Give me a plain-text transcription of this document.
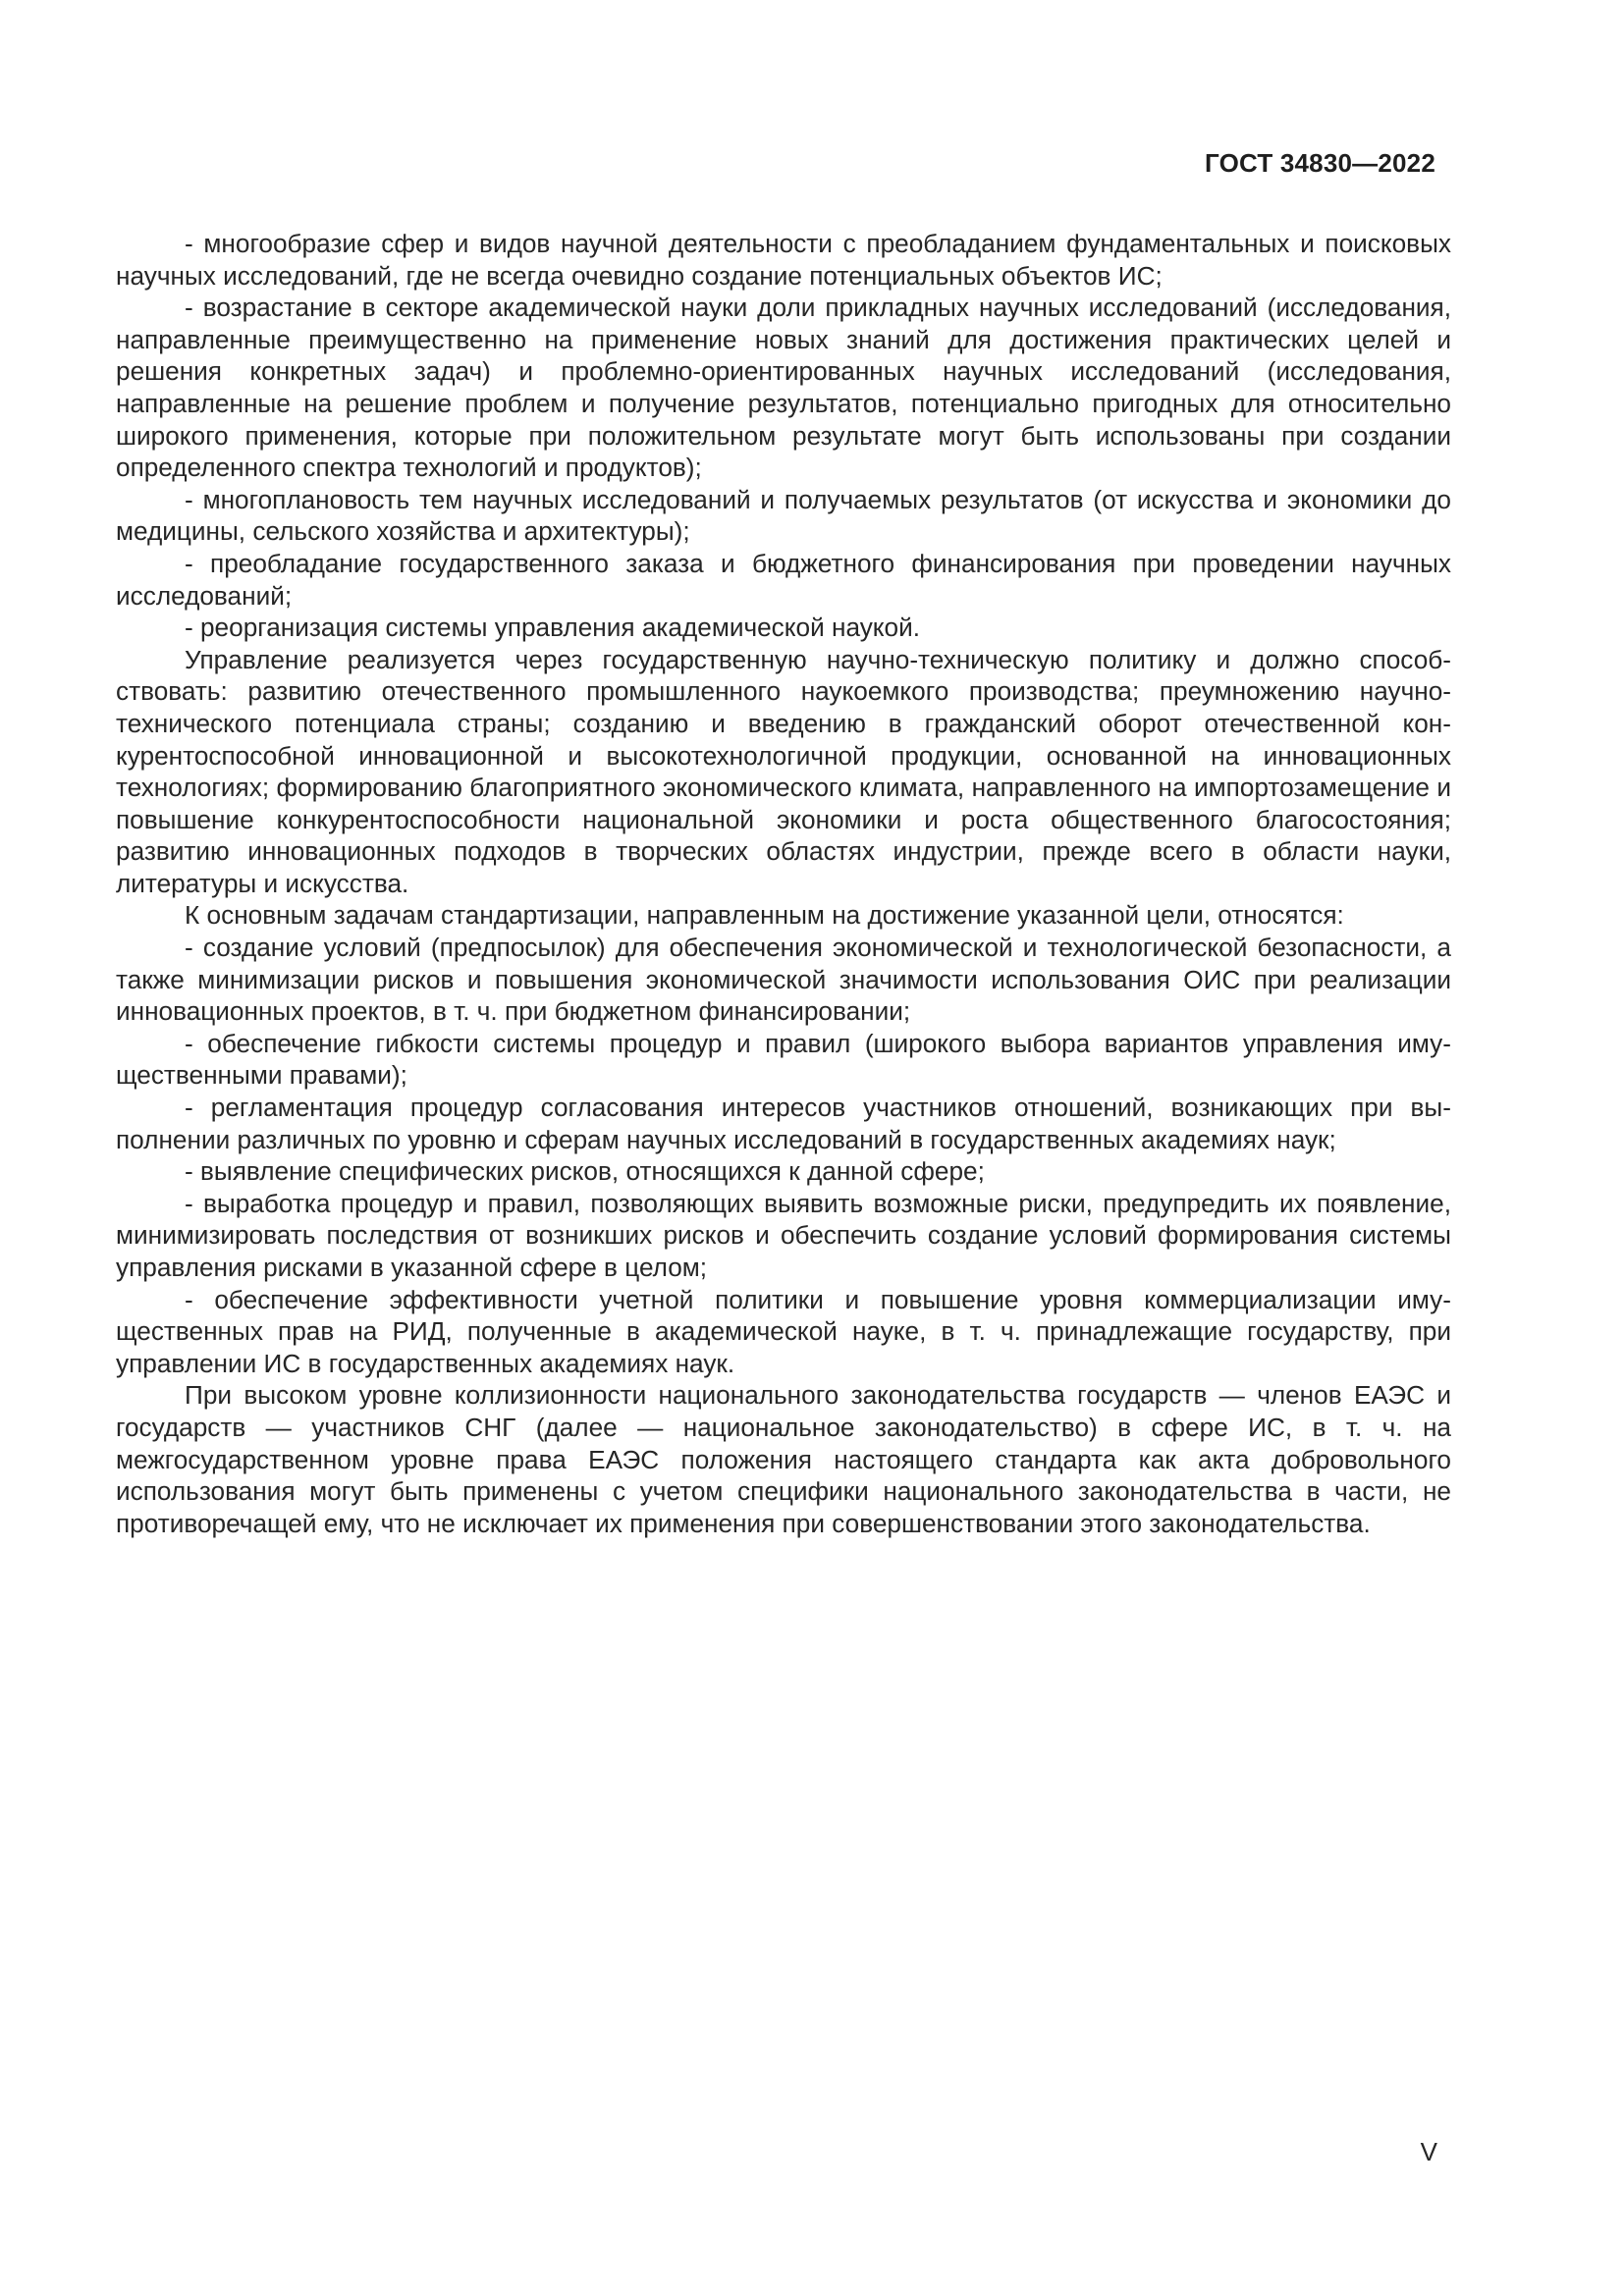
ГОСТ 34830—2022

- многообразие сфер и видов научной деятельности с преобладанием фундаментальных и поисковых научных исследований, где не всегда очевидно создание потенциальных объектов ИС;

- возрастание в секторе академической науки доли прикладных научных исследований (исследования, направленные преимущественно на применение новых знаний для достижения практических целей и решения конкретных задач) и проблемно-ориентированных научных исследований (исследования, направленные на решение проблем и получение результатов, потенциально пригодных для относительно широкого применения, которые при положительном результате могут быть использованы при создании определенного спектра технологий и продуктов);

- многоплановость тем научных исследований и получаемых результатов (от искусства и экономики до медицины, сельского хозяйства и архитектуры);

- преобладание государственного заказа и бюджетного финансирования при проведении научных исследований;

- реорганизация системы управления академической наукой.

Управление реализуется через государственную научно-техническую политику и должно способствовать: развитию отечественного промышленного наукоемкого производства; преумножению научно-технического потенциала страны; созданию и введению в гражданский оборот отечественной конкурентоспособной инновационной и высокотехнологичной продукции, основанной на инновационных технологиях; формированию благоприятного экономического климата, направленного на импортозамещение и повышение конкурентоспособности национальной экономики и роста общественного благосостояния; развитию инновационных подходов в творческих областях индустрии, прежде всего в области науки, литературы и искусства.

К основным задачам стандартизации, направленным на достижение указанной цели, относятся:

- создание условий (предпосылок) для обеспечения экономической и технологической безопасности, а также минимизации рисков и повышения экономической значимости использования ОИС при реализации инновационных проектов, в т. ч. при бюджетном финансировании;

- обеспечение гибкости системы процедур и правил (широкого выбора вариантов управления имущественными правами);

- регламентация процедур согласования интересов участников отношений, возникающих при выполнении различных по уровню и сферам научных исследований в государственных академиях наук;

- выявление специфических рисков, относящихся к данной сфере;

- выработка процедур и правил, позволяющих выявить возможные риски, предупредить их появление, минимизировать последствия от возникших рисков и обеспечить создание условий формирования системы управления рисками в указанной сфере в целом;

- обеспечение эффективности учетной политики и повышение уровня коммерциализации имущественных прав на РИД, полученные в академической науке, в т. ч. принадлежащие государству, при управлении ИС в государственных академиях наук.

При высоком уровне коллизионности национального законодательства государств — членов ЕАЭС и государств — участников СНГ (далее — национальное законодательство) в сфере ИС, в т. ч. на межгосударственном уровне права ЕАЭС положения настоящего стандарта как акта добровольного использования могут быть применены с учетом специфики национального законодательства в части, не противоречащей ему, что не исключает их применения при совершенствовании этого законодательства.

V
